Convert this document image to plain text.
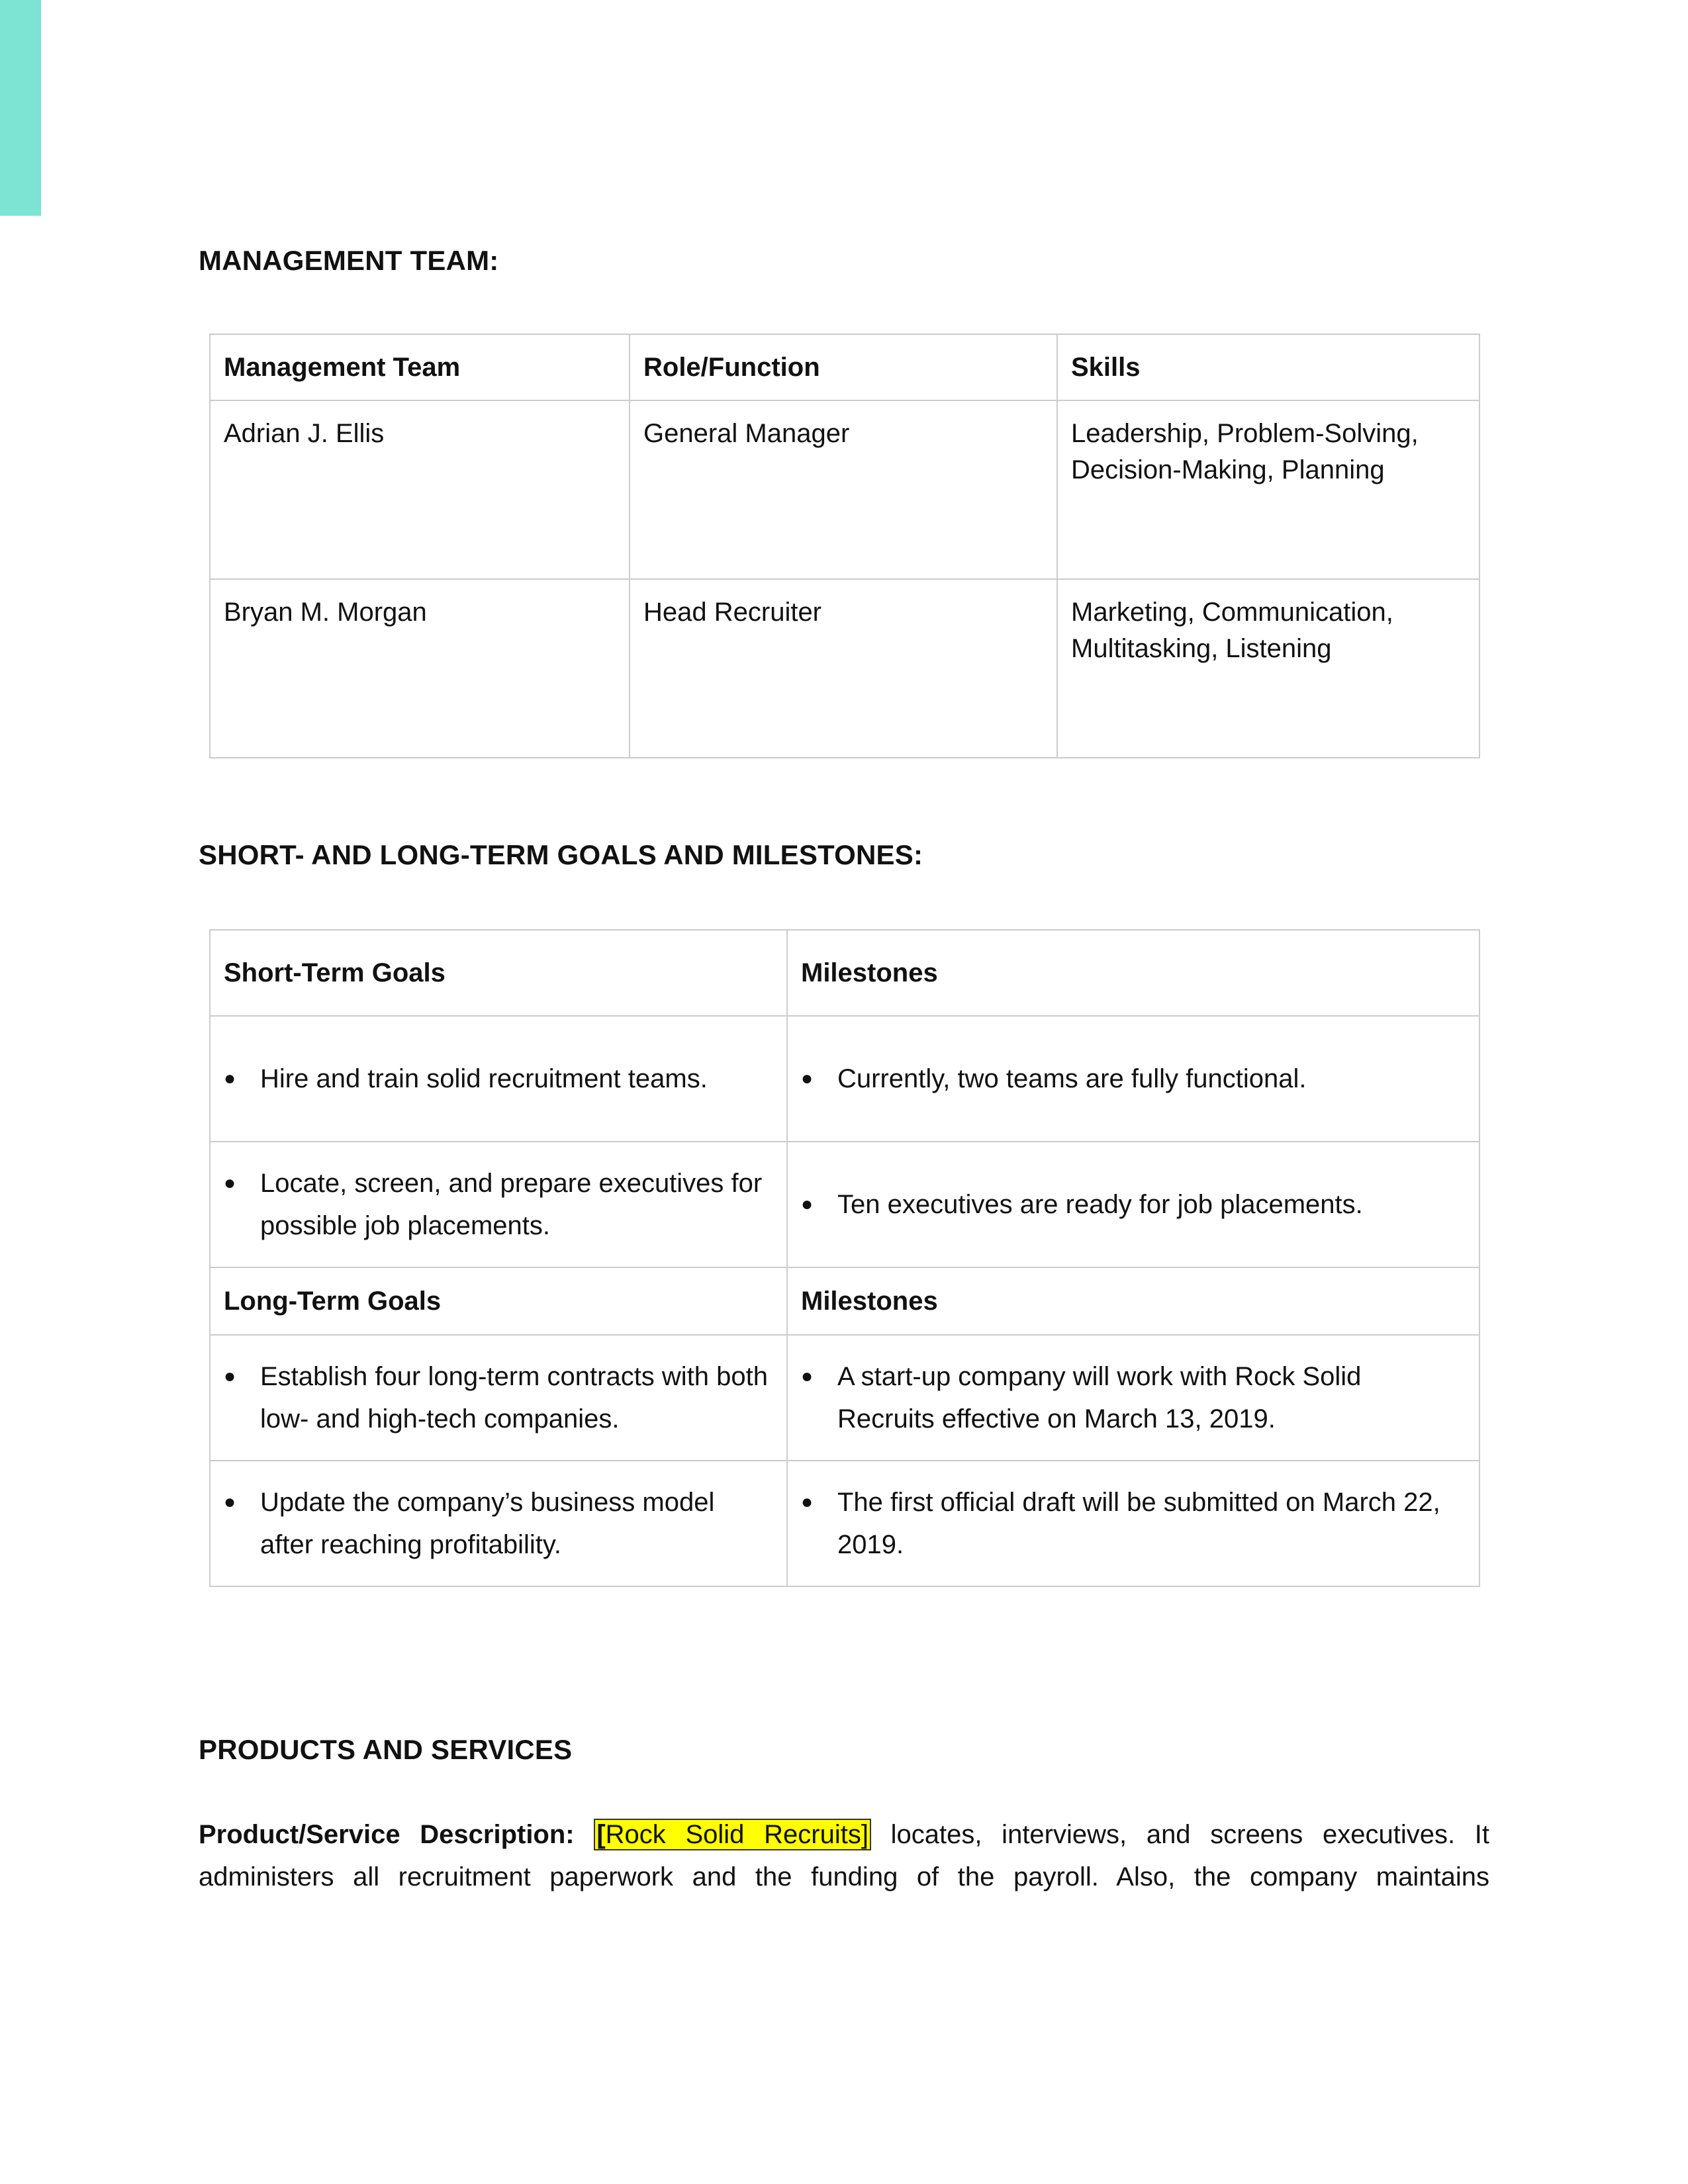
MANAGEMENT TEAM:
Management Team	Role/Function	Skills
Adrian J. Ellis	General Manager	Leadership, Problem-Solving, Decision-Making, Planning
Bryan M. Morgan	Head Recruiter	Marketing, Communication, Multitasking, Listening
SHORT- AND LONG-TERM GOALS AND MILESTONES:
Short-Term Goals	Milestones

● Hire and train solid recruitment teams.	● Currently, two teams are fully functional.

● Locate, screen, and prepare executives for possible job placements.	● Ten executives are ready for job placements.

Long-Term Goals	Milestones

● Establish four long-term contracts with both low- and high-tech companies.	● A start-up company will work with Rock Solid Recruits effective on March 13, 2019.

● Update the company’s business model after reaching profitability.	● The first official draft will be submitted on March 22, 2019.
PRODUCTS AND SERVICES

Product/Service Description: [Rock Solid Recruits] locates, interviews, and screens executives. It administers all recruitment paperwork and the funding of the payroll. Also, the company maintains
